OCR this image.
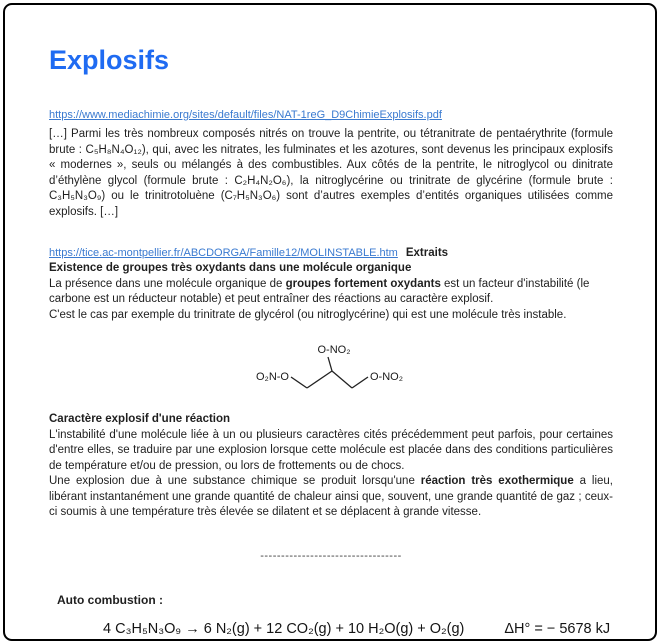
Explosifs
https://www.mediachimie.org/sites/default/files/NAT-1reG_D9ChimieExplosifs.pdf

[…] Parmi les très nombreux composés nitrés on trouve la pentrite, ou tétranitrate de pentaérythrite (formule brute : C₅H₈N₄O₁₂), qui, avec les nitrates, les fulminates et les azotures, sont devenus les principaux explosifs « modernes », seuls ou mélangés à des combustibles. Aux côtés de la pentrite, le nitroglycol ou dinitrate d’éthylène glycol (formule brute : C₂H₄N₂O₆), la nitroglycérine ou trinitrate de glycérine (formule brute : C₃H₅N₃O₉) ou le trinitrotoluène (C₇H₅N₃O₆) sont d’autres exemples d’entités organiques utilisées comme explosifs. […]

https://tice.ac-montpellier.fr/ABCDORGA/Famille12/MOLINSTABLE.htm Extraits

Existence de groupes très oxydants dans une molécule organique

La présence dans une molécule organique de groupes fortement oxydants est un facteur d'instabilité (le carbone est un réducteur notable) et peut entraîner des réactions au caractère explosif.

C'est le cas par exemple du trinitrate de glycérol (ou nitroglycérine) qui est une molécule très instable.

O-NO₂
O₂N-O	O-NO₂

Caractère explosif d'une réaction

L'instabilité d'une molécule liée à un ou plusieurs caractères cités précédemment peut parfois, pour certaines d'entre elles, se traduire par une explosion lorsque cette molécule est placée dans des conditions particulières de température et/ou de pression, ou lors de frottements ou de chocs.

Une explosion due à une substance chimique se produit lorsqu'une réaction très exothermique a lieu, libérant instantanément une grande quantité de chaleur ainsi que, souvent, une grande quantité de gaz ; ceux-ci soumis à une température très élevée se dilatent et se déplacent à grande vitesse.

----------------------------------
Auto combustion :
4 C₃H₅N₃O₉ → 6 N₂(g) + 12 CO₂(g) + 10 H₂O(g) + O₂(g)	ΔH° = − 5678 kJ
